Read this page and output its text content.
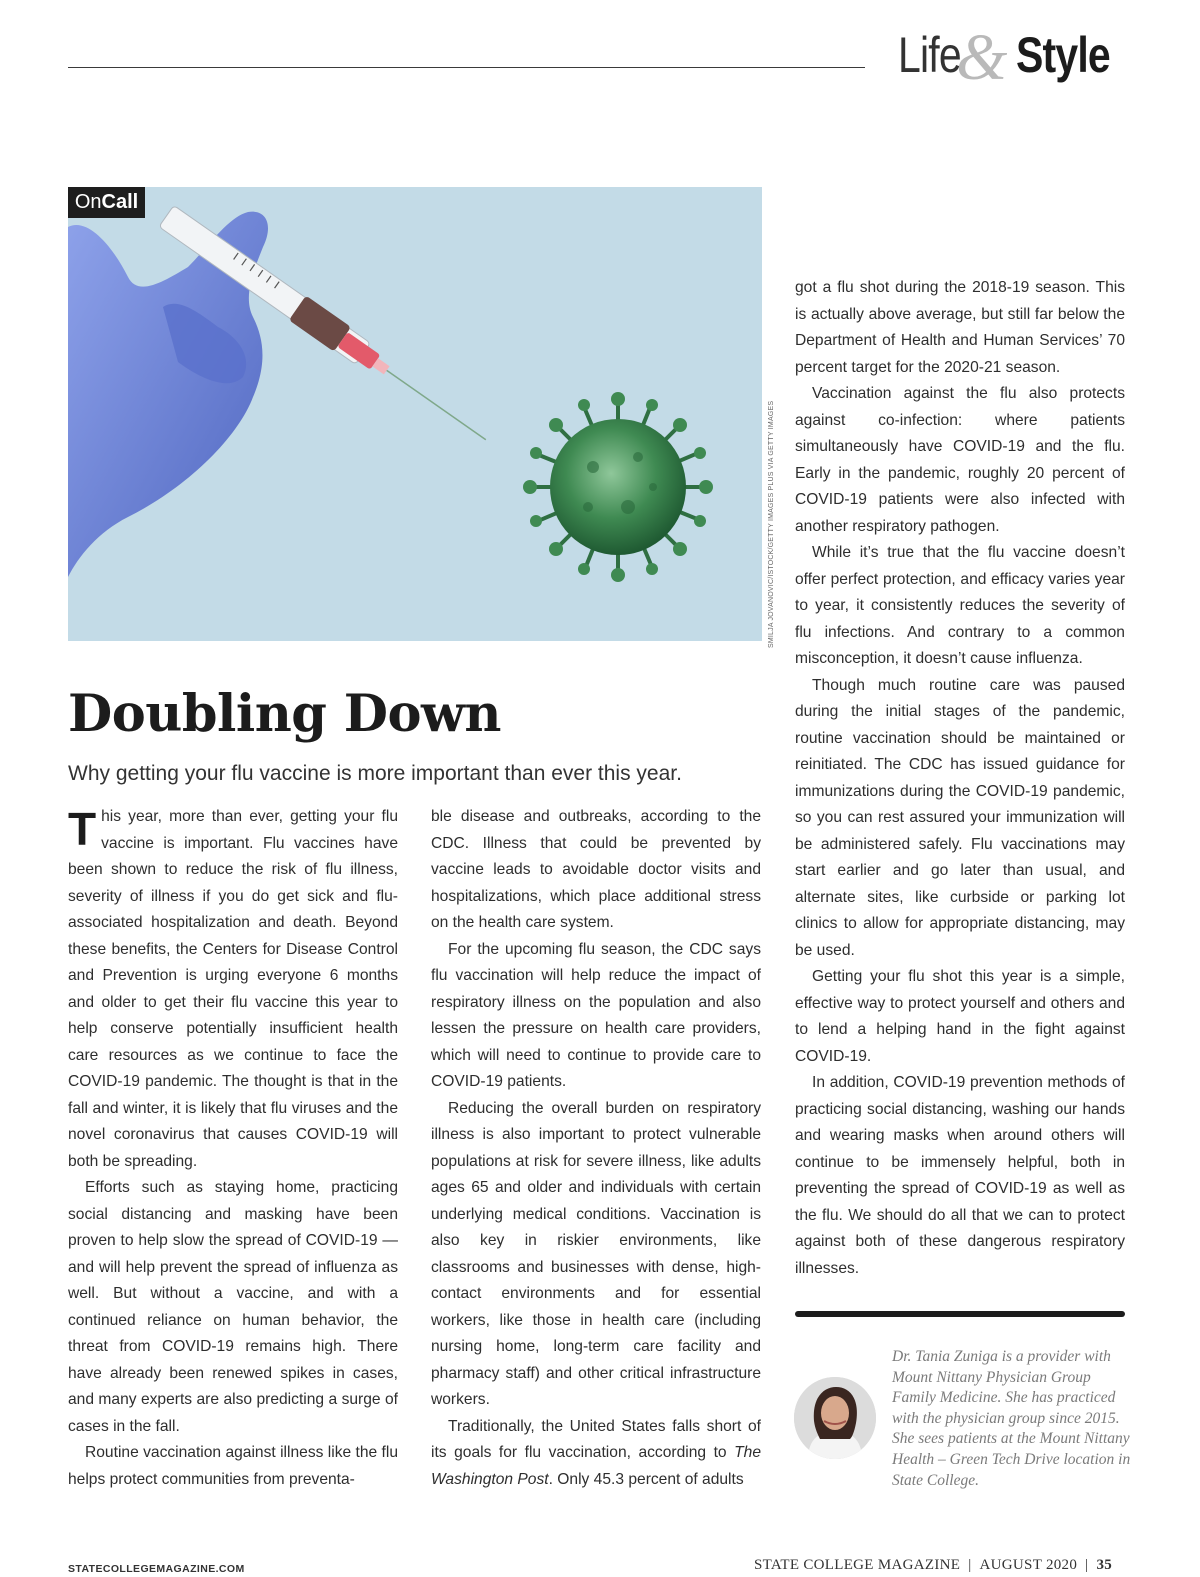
Life
& Style
OnCall
SMILJA JOVANOVIC/ISTOCK/GETTY IMAGES PLUS VIA GETTY IMAGES
Doubling Down

Why getting your flu vaccine is more important than ever this year.

This year, more than ever, getting your flu vaccine is important. Flu vaccines have been shown to reduce the risk of flu illness, severity of illness if you do get sick and flu-associated hospitalization and death. Beyond these benefits, the Centers for Disease Control and Prevention is urging everyone 6 months and older to get their flu vaccine this year to help conserve potentially insufficient health care resources as we continue to face the COVID-19 pandemic. The thought is that in the fall and winter, it is likely that flu viruses and the novel coronavirus that causes COVID-19 will both be spreading.

Efforts such as staying home, practicing social distancing and masking have been proven to help slow the spread of COVID-19 — and will help prevent the spread of influenza as well. But without a vaccine, and with a continued reliance on human behavior, the threat from COVID-19 remains high. There have already been renewed spikes in cases, and many experts are also predicting a surge of cases in the fall.

Routine vaccination against illness like the flu helps protect communities from preventa-

ble disease and outbreaks, according to the CDC. Illness that could be prevented by vaccine leads to avoidable doctor visits and hospitalizations, which place additional stress on the health care system.

For the upcoming flu season, the CDC says flu vaccination will help reduce the impact of respiratory illness on the population and also lessen the pressure on health care providers, which will need to continue to provide care to COVID-19 patients.

Reducing the overall burden on respiratory illness is also important to protect vulnerable populations at risk for severe illness, like adults ages 65 and older and individuals with certain underlying medical conditions. Vaccination is also key in riskier environments, like classrooms and businesses with dense, high-contact environments and for essential workers, like those in health care (including nursing home, long-term care facility and pharmacy staff) and other critical infrastructure workers.

Traditionally, the United States falls short of its goals for flu vaccination, according to The Washington Post. Only 45.3 percent of adults

got a flu shot during the 2018-19 season. This is actually above average, but still far below the Department of Health and Human Services’ 70 percent target for the 2020-21 season.

Vaccination against the flu also protects against co-infection: where patients simultaneously have COVID-19 and the flu. Early in the pandemic, roughly 20 percent of COVID-19 patients were also infected with another respiratory pathogen.

While it’s true that the flu vaccine doesn’t offer perfect protection, and efficacy varies year to year, it consistently reduces the severity of flu infections. And contrary to a common misconception, it doesn’t cause influenza.

Though much routine care was paused during the initial stages of the pandemic, routine vaccination should be maintained or reinitiated. The CDC has issued guidance for immunizations during the COVID-19 pandemic, so you can rest assured your immunization will be administered safely. Flu vaccinations may start earlier and go later than usual, and alternate sites, like curbside or parking lot clinics to allow for appropriate distancing, may be used.

Getting your flu shot this year is a simple, effective way to protect yourself and others and to lend a helping hand in the fight against COVID-19.

In addition, COVID-19 prevention methods of practicing social distancing, washing our hands and wearing masks when around others will continue to be immensely helpful, both in preventing the spread of COVID-19 as well as the flu. We should do all that we can to protect against both of these dangerous respiratory illnesses.

Dr. Tania Zuniga is a provider with Mount Nittany Physician Group Family Medicine. She has practiced with the physician group since 2015. She sees patients at the Mount Nittany Health – Green Tech Drive location in State College.

STATECOLLEGEMAGAZINE.COM	STATE COLLEGE MAGAZINE | AUGUST 2020 | 35
